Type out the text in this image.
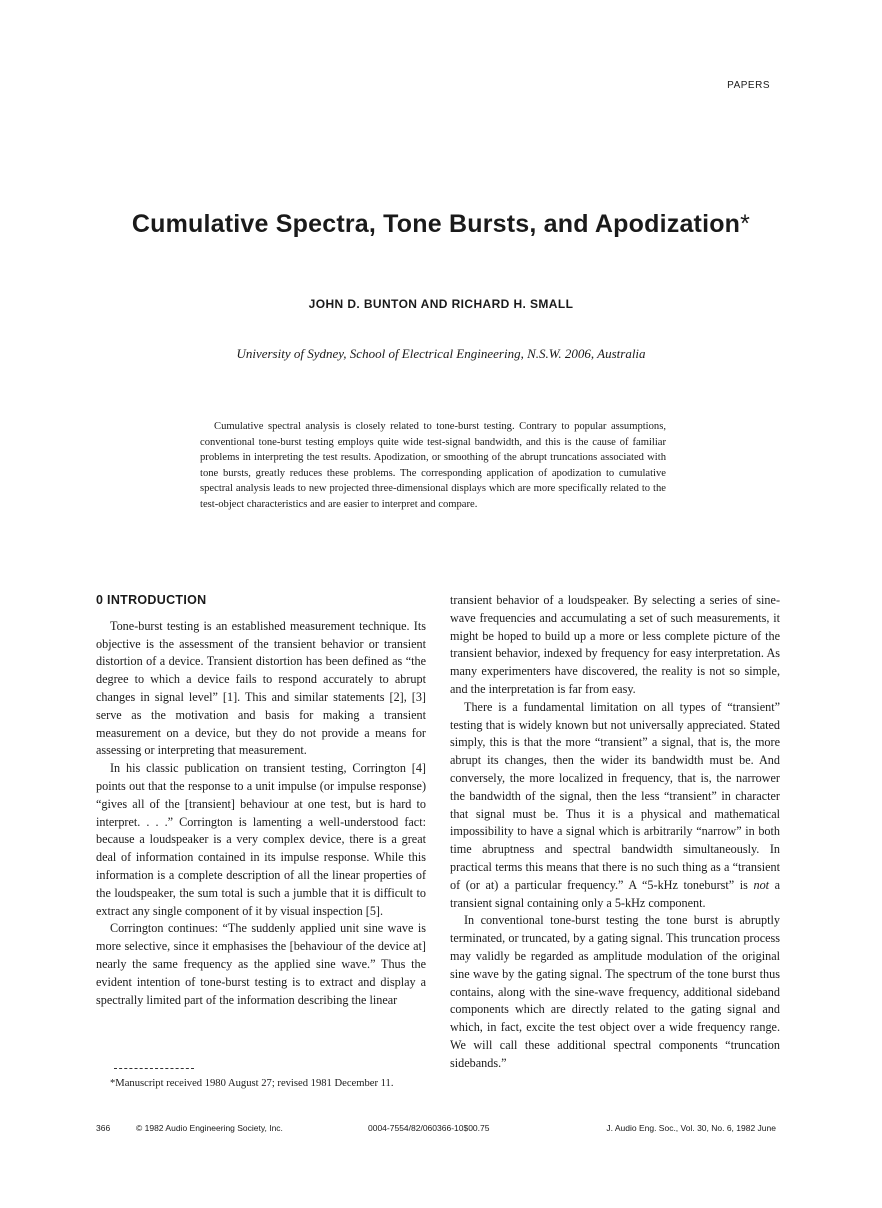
PAPERS
Cumulative Spectra, Tone Bursts, and Apodization*
JOHN D. BUNTON AND RICHARD H. SMALL
University of Sydney, School of Electrical Engineering, N.S.W. 2006, Australia

Cumulative spectral analysis is closely related to tone-burst testing. Contrary to popular assumptions, conventional tone-burst testing employs quite wide test-signal bandwidth, and this is the cause of familiar problems in interpreting the test results. Apodization, or smoothing of the abrupt truncations associated with tone bursts, greatly reduces these problems. The corresponding application of apodization to cumulative spectral analysis leads to new projected three-dimensional displays which are more specifically related to the test-object characteristics and are easier to interpret and compare.

0 INTRODUCTION

Tone-burst testing is an established measurement technique. Its objective is the assessment of the transient behavior or transient distortion of a device. Transient distortion has been defined as “the degree to which a device fails to respond accurately to abrupt changes in signal level” [1]. This and similar statements [2], [3] serve as the motivation and basis for making a transient measurement on a device, but they do not provide a means for assessing or interpreting that measurement.

In his classic publication on transient testing, Corrington [4] points out that the response to a unit impulse (or impulse response) “gives all of the [transient] behaviour at one test, but is hard to interpret. . . .” Corrington is lamenting a well-understood fact: because a loudspeaker is a very complex device, there is a great deal of information contained in its impulse response. While this information is a complete description of all the linear properties of the loudspeaker, the sum total is such a jumble that it is difficult to extract any single component of it by visual inspection [5].

Corrington continues: “The suddenly applied unit sine wave is more selective, since it emphasises the [behaviour of the device at] nearly the same frequency as the applied sine wave.” Thus the evident intention of tone-burst testing is to extract and display a spectrally limited part of the information describing the linear

transient behavior of a loudspeaker. By selecting a series of sine-wave frequencies and accumulating a set of such measurements, it might be hoped to build up a more or less complete picture of the transient behavior, indexed by frequency for easy interpretation. As many experimenters have discovered, the reality is not so simple, and the interpretation is far from easy.

There is a fundamental limitation on all types of “transient” testing that is widely known but not universally appreciated. Stated simply, this is that the more “transient” a signal, that is, the more abrupt its changes, then the wider its bandwidth must be. And conversely, the more localized in frequency, that is, the narrower the bandwidth of the signal, then the less “transient” in character that signal must be. Thus it is a physical and mathematical impossibility to have a signal which is arbitrarily “narrow” in both time abruptness and spectral bandwidth simultaneously. In practical terms this means that there is no such thing as a “transient of (or at) a particular frequency.” A “5-kHz toneburst” is not a transient signal containing only a 5-kHz component.

In conventional tone-burst testing the tone burst is abruptly terminated, or truncated, by a gating signal. This truncation process may validly be regarded as amplitude modulation of the original sine wave by the gating signal. The spectrum of the tone burst thus contains, along with the sine-wave frequency, additional sideband components which are directly related to the gating signal and which, in fact, excite the test object over a wide frequency range. We will call these additional spectral components “truncation sidebands.”

*Manuscript received 1980 August 27; revised 1981 December 11.

366	© 1982 Audio Engineering Society, Inc.	0004-7554/82/060366-10$00.75	J. Audio Eng. Soc., Vol. 30, No. 6, 1982 June
